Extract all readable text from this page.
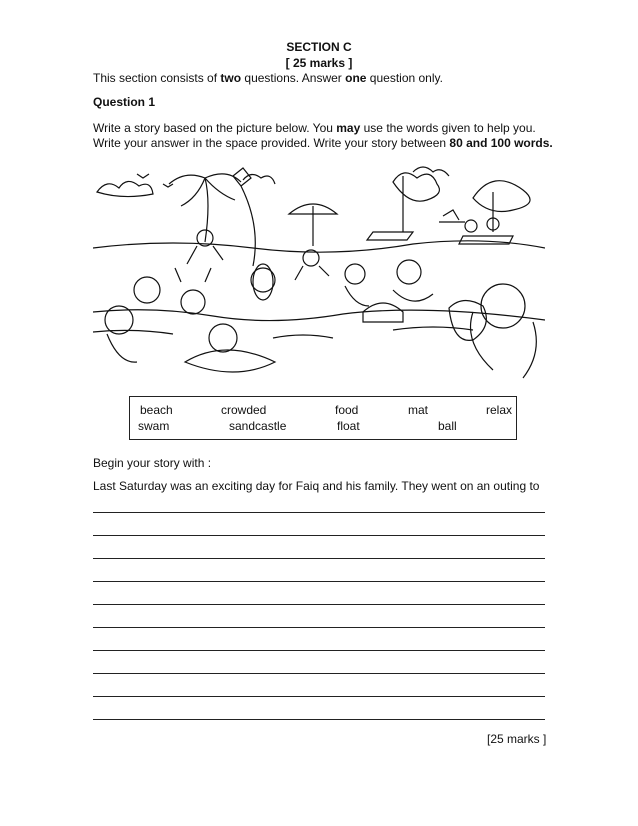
SECTION C
[ 25 marks ]
This section consists of two questions. Answer one question only.
Question 1
Write a story based on the picture below. You may use the words given to help you.
Write your answer in the space provided. Write your story between 80 and 100 words.
beach	crowded	food	mat	relax
swam	sandcastle	float	ball
Begin your story with :
Last Saturday was an exciting day for Faiq and his family. They went on an outing to
[25 marks ]
